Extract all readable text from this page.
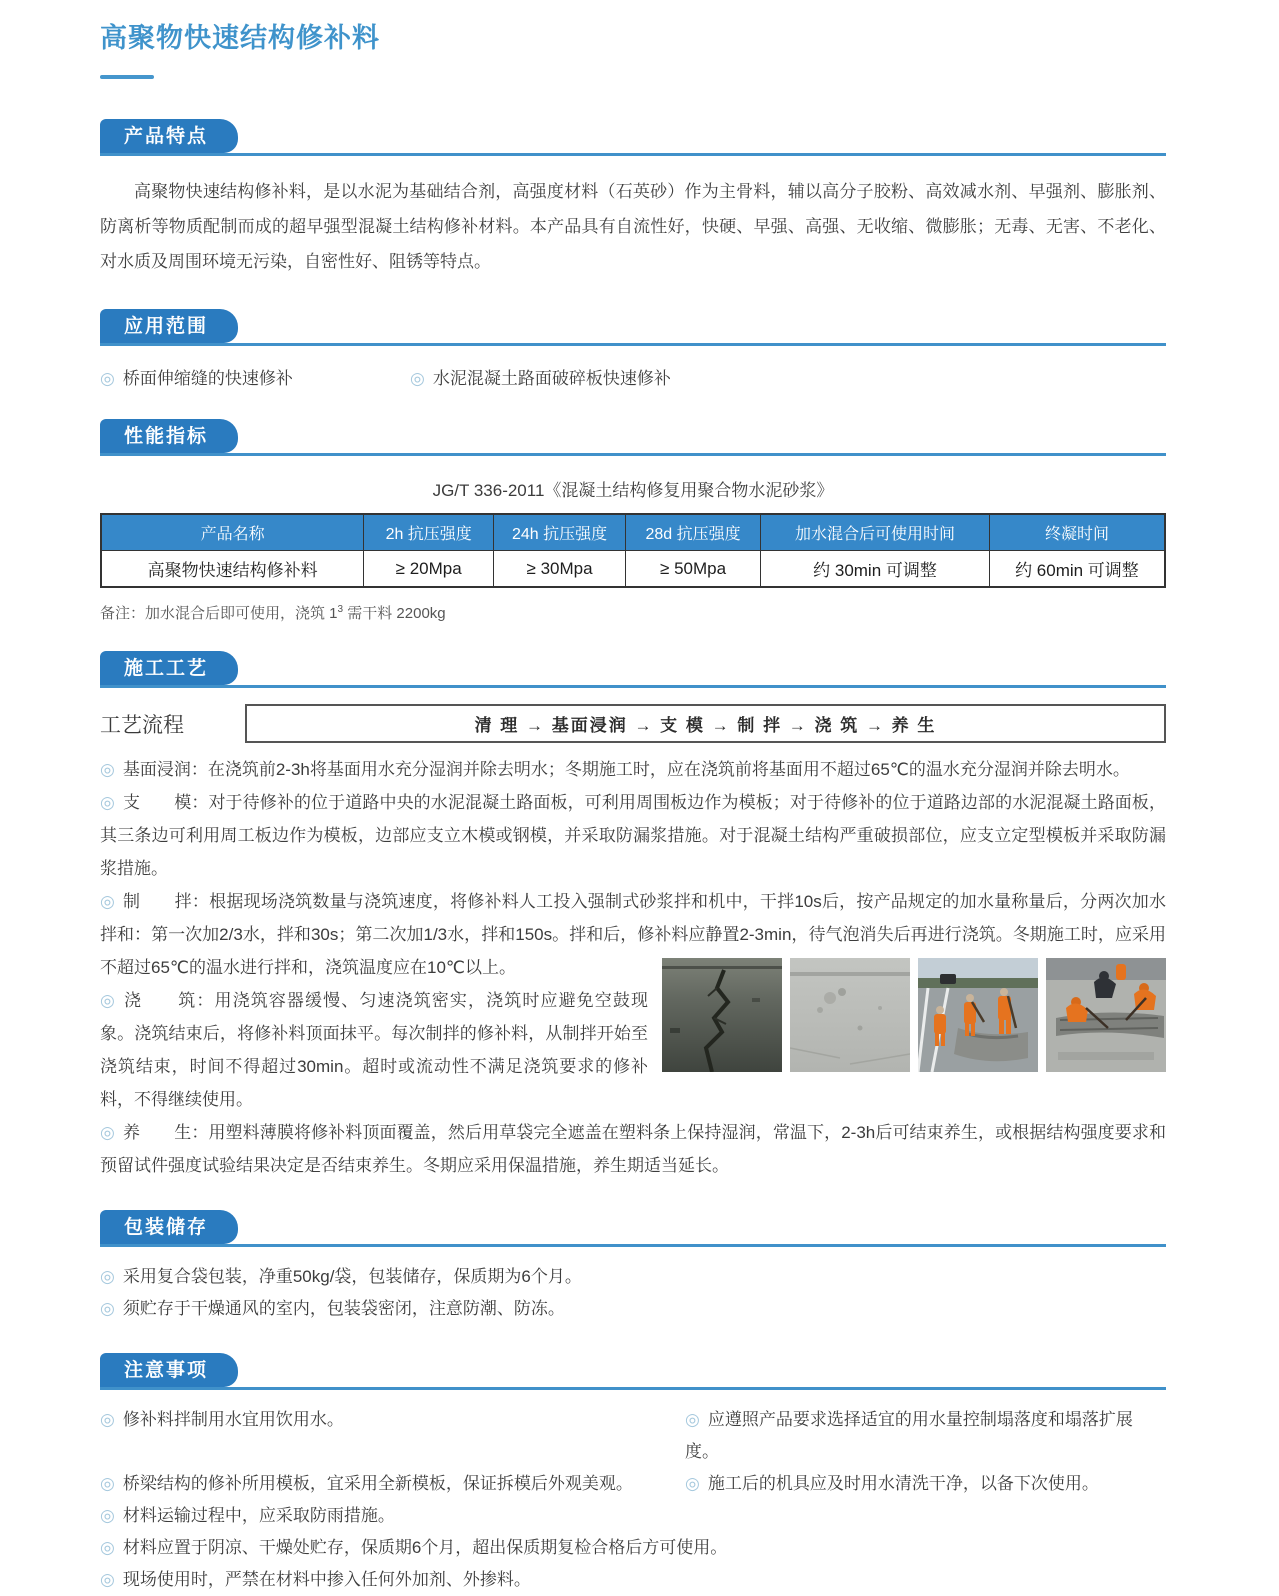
高聚物快速结构修补料
产品特点

高聚物快速结构修补料，是以水泥为基础结合剂，高强度材料（石英砂）作为主骨料，辅以高分子胶粉、高效减水剂、早强剂、膨胀剂、防离析等物质配制而成的超早强型混凝土结构修补材料。本产品具有自流性好，快硬、早强、高强、无收缩、微膨胀；无毒、无害、不老化、对水质及周围环境无污染，自密性好、阻锈等特点。

应用范围
◎ 桥面伸缩缝的快速修补	◎ 水泥混凝土路面破碎板快速修补
性能指标
JG/T 336-2011《混凝土结构修复用聚合物水泥砂浆》
产品名称	2h 抗压强度	24h 抗压强度	28d 抗压强度	加水混合后可使用时间	终凝时间
高聚物快速结构修补料	≥ 20Mpa	≥ 30Mpa	≥ 50Mpa	约 30min 可调整	约 60min 可调整
备注：加水混合后即可使用，浇筑 $1^3$ 需干料 2200kg
施工工艺
工艺流程	清 理 → 基面浸润 → 支 模 → 制 拌 → 浇 筑 → 养 生

◎ 基面浸润：在浇筑前2-3h将基面用水充分湿润并除去明水；冬期施工时，应在浇筑前将基面用不超过65℃的温水充分湿润并除去明水。

◎ 支　　模：对于待修补的位于道路中央的水泥混凝土路面板，可利用周围板边作为模板；对于待修补的位于道路边部的水泥混凝土路面板，其三条边可利用周工板边作为模板，边部应支立木模或钢模，并采取防漏浆措施。对于混凝土结构严重破损部位，应支立定型模板并采取防漏浆措施。

◎ 制　　拌：根据现场浇筑数量与浇筑速度，将修补料人工投入强制式砂浆拌和机中，干拌10s后，按产品规定的加水量称量后，分两次加水拌和：第一次加2/3水，拌和30s；第二次加1/3水，拌和150s。拌和后，修补料应静置2-3min，待气泡消失后再进行浇筑。冬期施工时，应采用不超过65℃的温水进行拌和，浇筑温度应在10℃以上。

◎ 浇　　筑：用浇筑容器缓慢、匀速浇筑密实，浇筑时应避免空鼓现象。浇筑结束后，将修补料顶面抹平。每次制拌的修补料，从制拌开始至浇筑结束，时间不得超过30min。超时或流动性不满足浇筑要求的修补料，不得继续使用。

◎ 养　　生：用塑料薄膜将修补料顶面覆盖，然后用草袋完全遮盖在塑料条上保持湿润，常温下，2-3h后可结束养生，或根据结构强度要求和预留试件强度试验结果决定是否结束养生。冬期应采用保温措施，养生期适当延长。

包装储存
◎ 采用复合袋包装，净重50kg/袋，包装储存，保质期为6个月。
◎ 须贮存于干燥通风的室内，包装袋密闭，注意防潮、防冻。
注意事项
◎ 修补料拌制用水宜用饮用水。	◎ 应遵照产品要求选择适宜的用水量控制塌落度和塌落扩展度。
◎ 桥梁结构的修补所用模板，宜采用全新模板，保证拆模后外观美观。	◎ 施工后的机具应及时用水清洗干净，以备下次使用。
◎ 材料运输过程中，应采取防雨措施。
◎ 材料应置于阴凉、干燥处贮存，保质期6个月，超出保质期复检合格后方可使用。
◎ 现场使用时，严禁在材料中掺入任何外加剂、外掺料。
